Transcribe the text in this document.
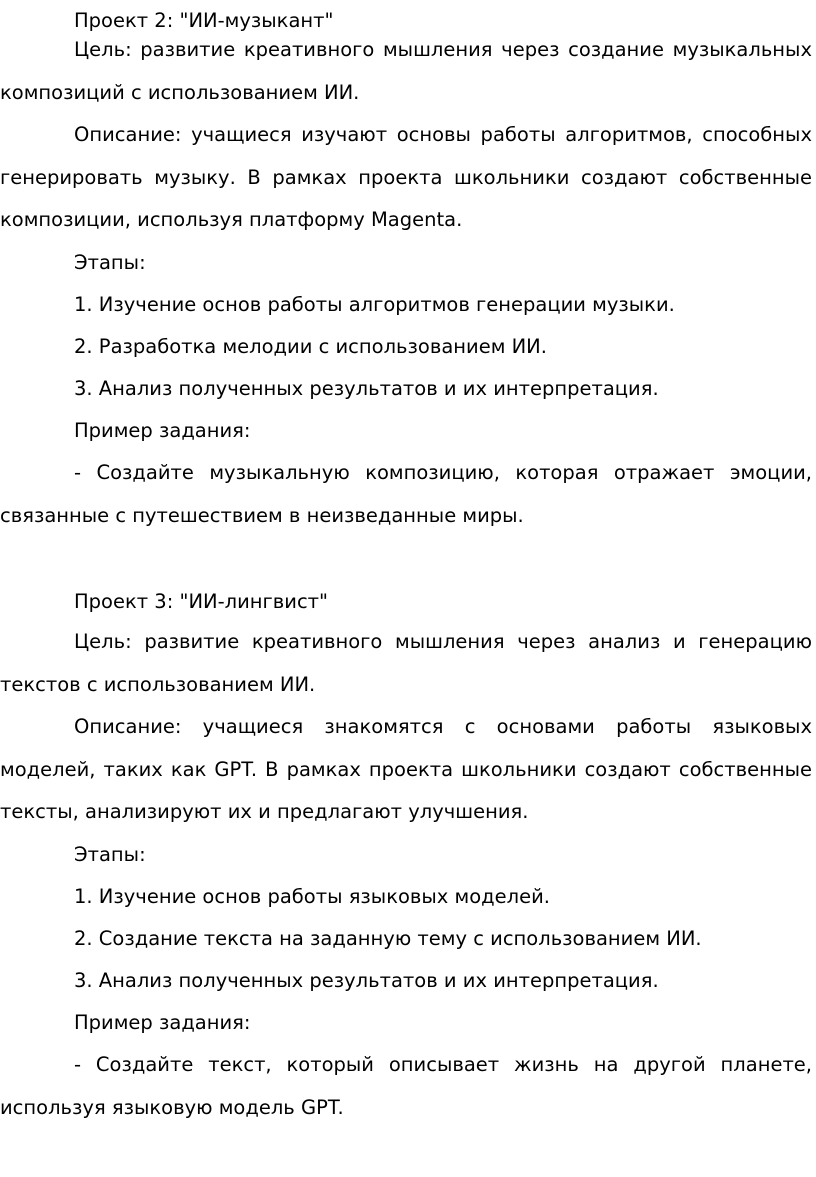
Проект 2: "ИИ-музыкант"

Цель: развитие креативного мышления через создание музыкальных композиций с использованием ИИ.

Описание: учащиеся изучают основы работы алгоритмов, способных генерировать музыку. В рамках проекта школьники создают собственные композиции, используя платформу Magenta.

Этапы:
1. Изучение основ работы алгоритмов генерации музыки.
2. Разработка мелодии с использованием ИИ.
3. Анализ полученных результатов и их интерпретация.
Пример задания:

- Создайте музыкальную композицию, которая отражает эмоции, связанные с путешествием в неизведанные миры.

Проект 3: "ИИ-лингвист"

Цель: развитие креативного мышления через анализ и генерацию текстов с использованием ИИ.

Описание: учащиеся знакомятся с основами работы языковых моделей, таких как GPT. В рамках проекта школьники создают собственные тексты, анализируют их и предлагают улучшения.

Этапы:
1. Изучение основ работы языковых моделей.
2. Создание текста на заданную тему с использованием ИИ.
3. Анализ полученных результатов и их интерпретация.
Пример задания:

- Создайте текст, который описывает жизнь на другой планете, используя языковую модель GPT.
